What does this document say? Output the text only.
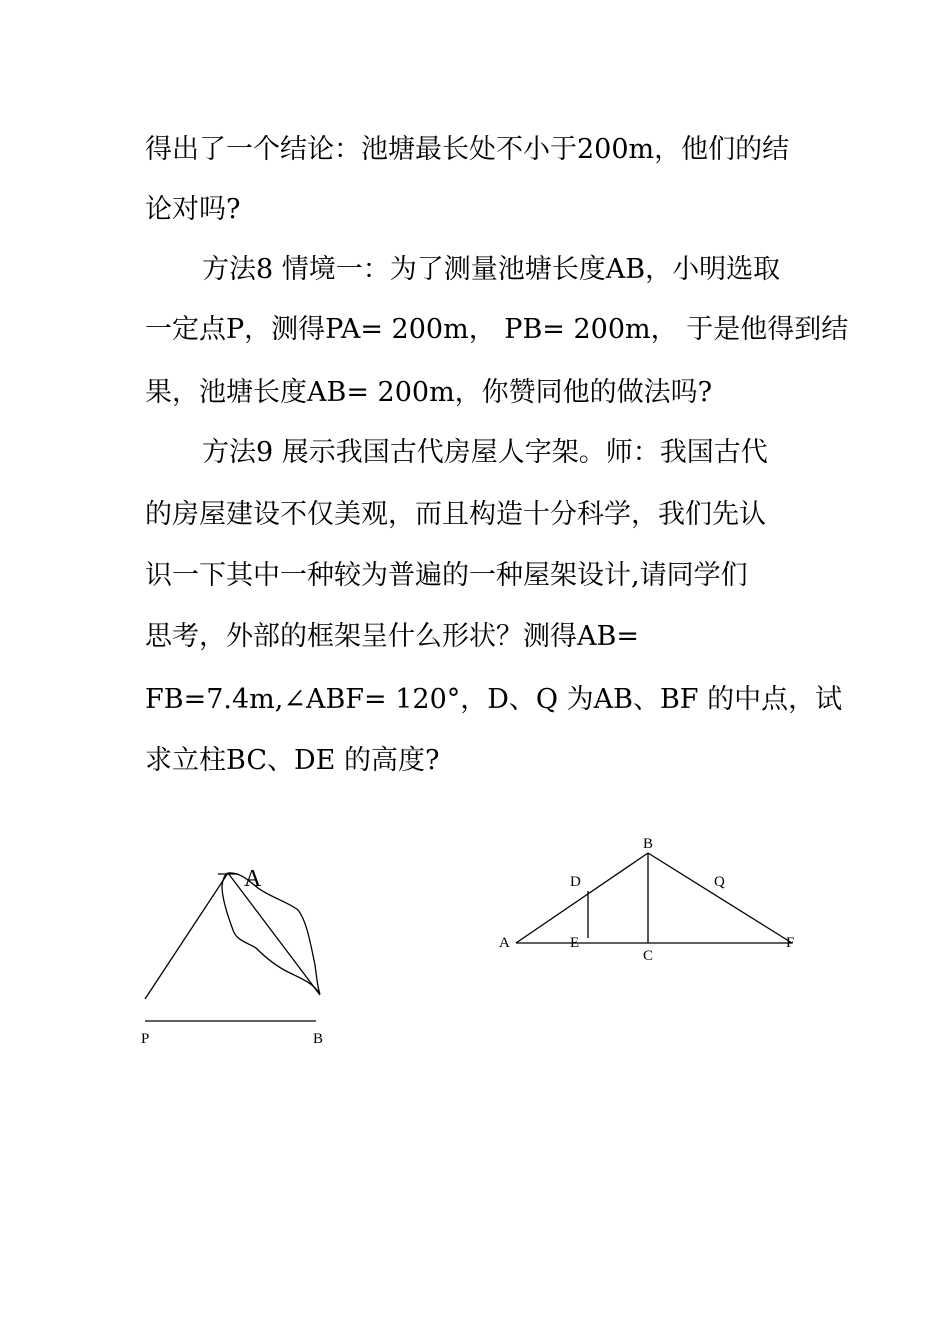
得出了一个结论：池塘最长处不小于200m，他们的结
论对吗?
方法8 情境一：为了测量池塘长度AB，小明选取
一定点P，测得PA= 200m， PB= 200m， 于是他得到结
果，池塘长度AB= 200m，你赞同他的做法吗?
方法9 展示我国古代房屋人字架。师：我国古代
的房屋建设不仅美观，而且构造十分科学，我们先认
识一下其中一种较为普遍的一种屋架设计,请同学们
思考，外部的框架呈什么形状？测得AB=
FB=7.4m,∠ABF= 120°，D、Q 为AB、BF 的中点，试
求立柱BC、DE 的高度?
A
P	B
B
D	Q
A	E	F
C
